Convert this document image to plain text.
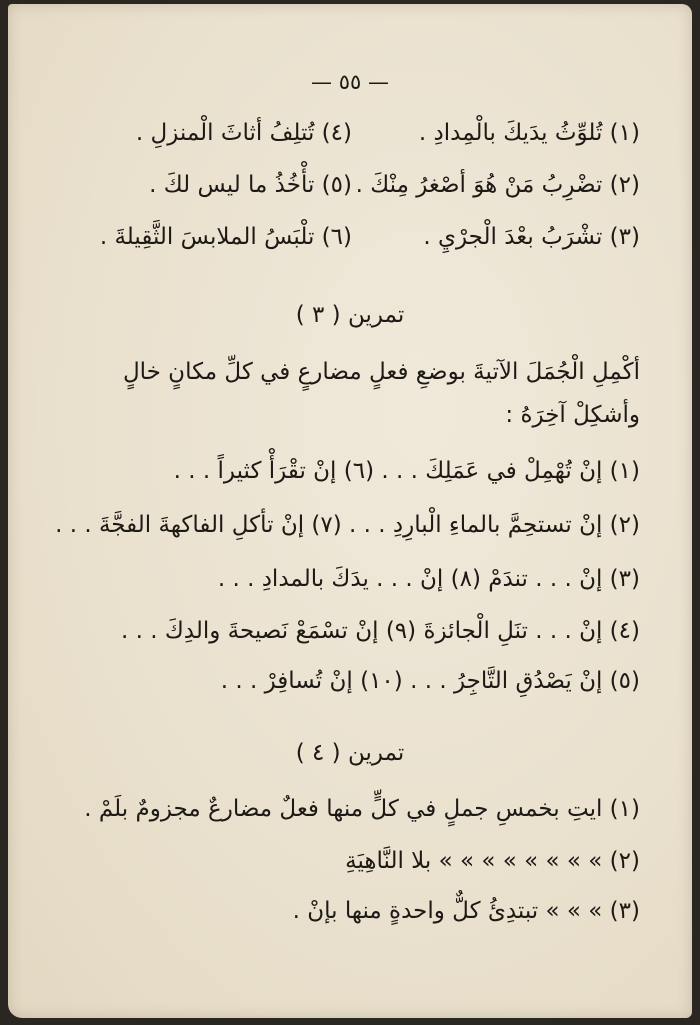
— ٥٥ —
(١) تُلوِّثُ يدَيكَ بالْمِدادِ .
(٤) تُتلِفُ أثاثَ الْمنزلِ .
(٢) تضْرِبُ مَنْ هُوَ أصْغرُ مِنْكَ .
(٥) تأْخُذُ ما ليس لكَ .
(٣) تشْرَبُ بعْدَ الْجرْيِ .
(٦) تلْبَسُ الملابسَ الثَّقِيلةَ .
تمرين ( ٣ )
أكْمِلِ الْجُمَلَ الآتيةَ بوضعِ فعلٍ مضارعٍ في كلِّ مكانٍ خالٍ
وأشكِلْ آخِرَهُ :
(١) إنْ تُهْمِلْ في عَمَلِكَ . . . (٦) إنْ تقْرَأْ كثيراً . . .
(٢) إنْ تستحِمَّ بالماءِ الْبارِدِ . . . (٧) إنْ تأكلِ الفاكهةَ الفجَّةَ . . .
(٣) إنْ . . . تندَمْ (٨) إنْ . . . يدَكَ بالمدادِ . . .
(٤) إنْ . . . تنَلِ الْجائزةَ (٩) إنْ تسْمَعْ نَصيحةَ والدِكَ . . .
(٥) إنْ يَصْدُقِ التَّاجِرُ . . . (١٠) إنْ تُسافِرْ . . .
تمرين ( ٤ )
(١) ايتِ بخمسِ جملٍ في كلٍّ منها فعلٌ مضارعٌ مجزومٌ بلَمْ .
(٢) » » » » » » » » بلا النَّاهِيَةِ
(٣) » » » تبتدِئُ كلٌّ واحدةٍ منها بإنْ .
